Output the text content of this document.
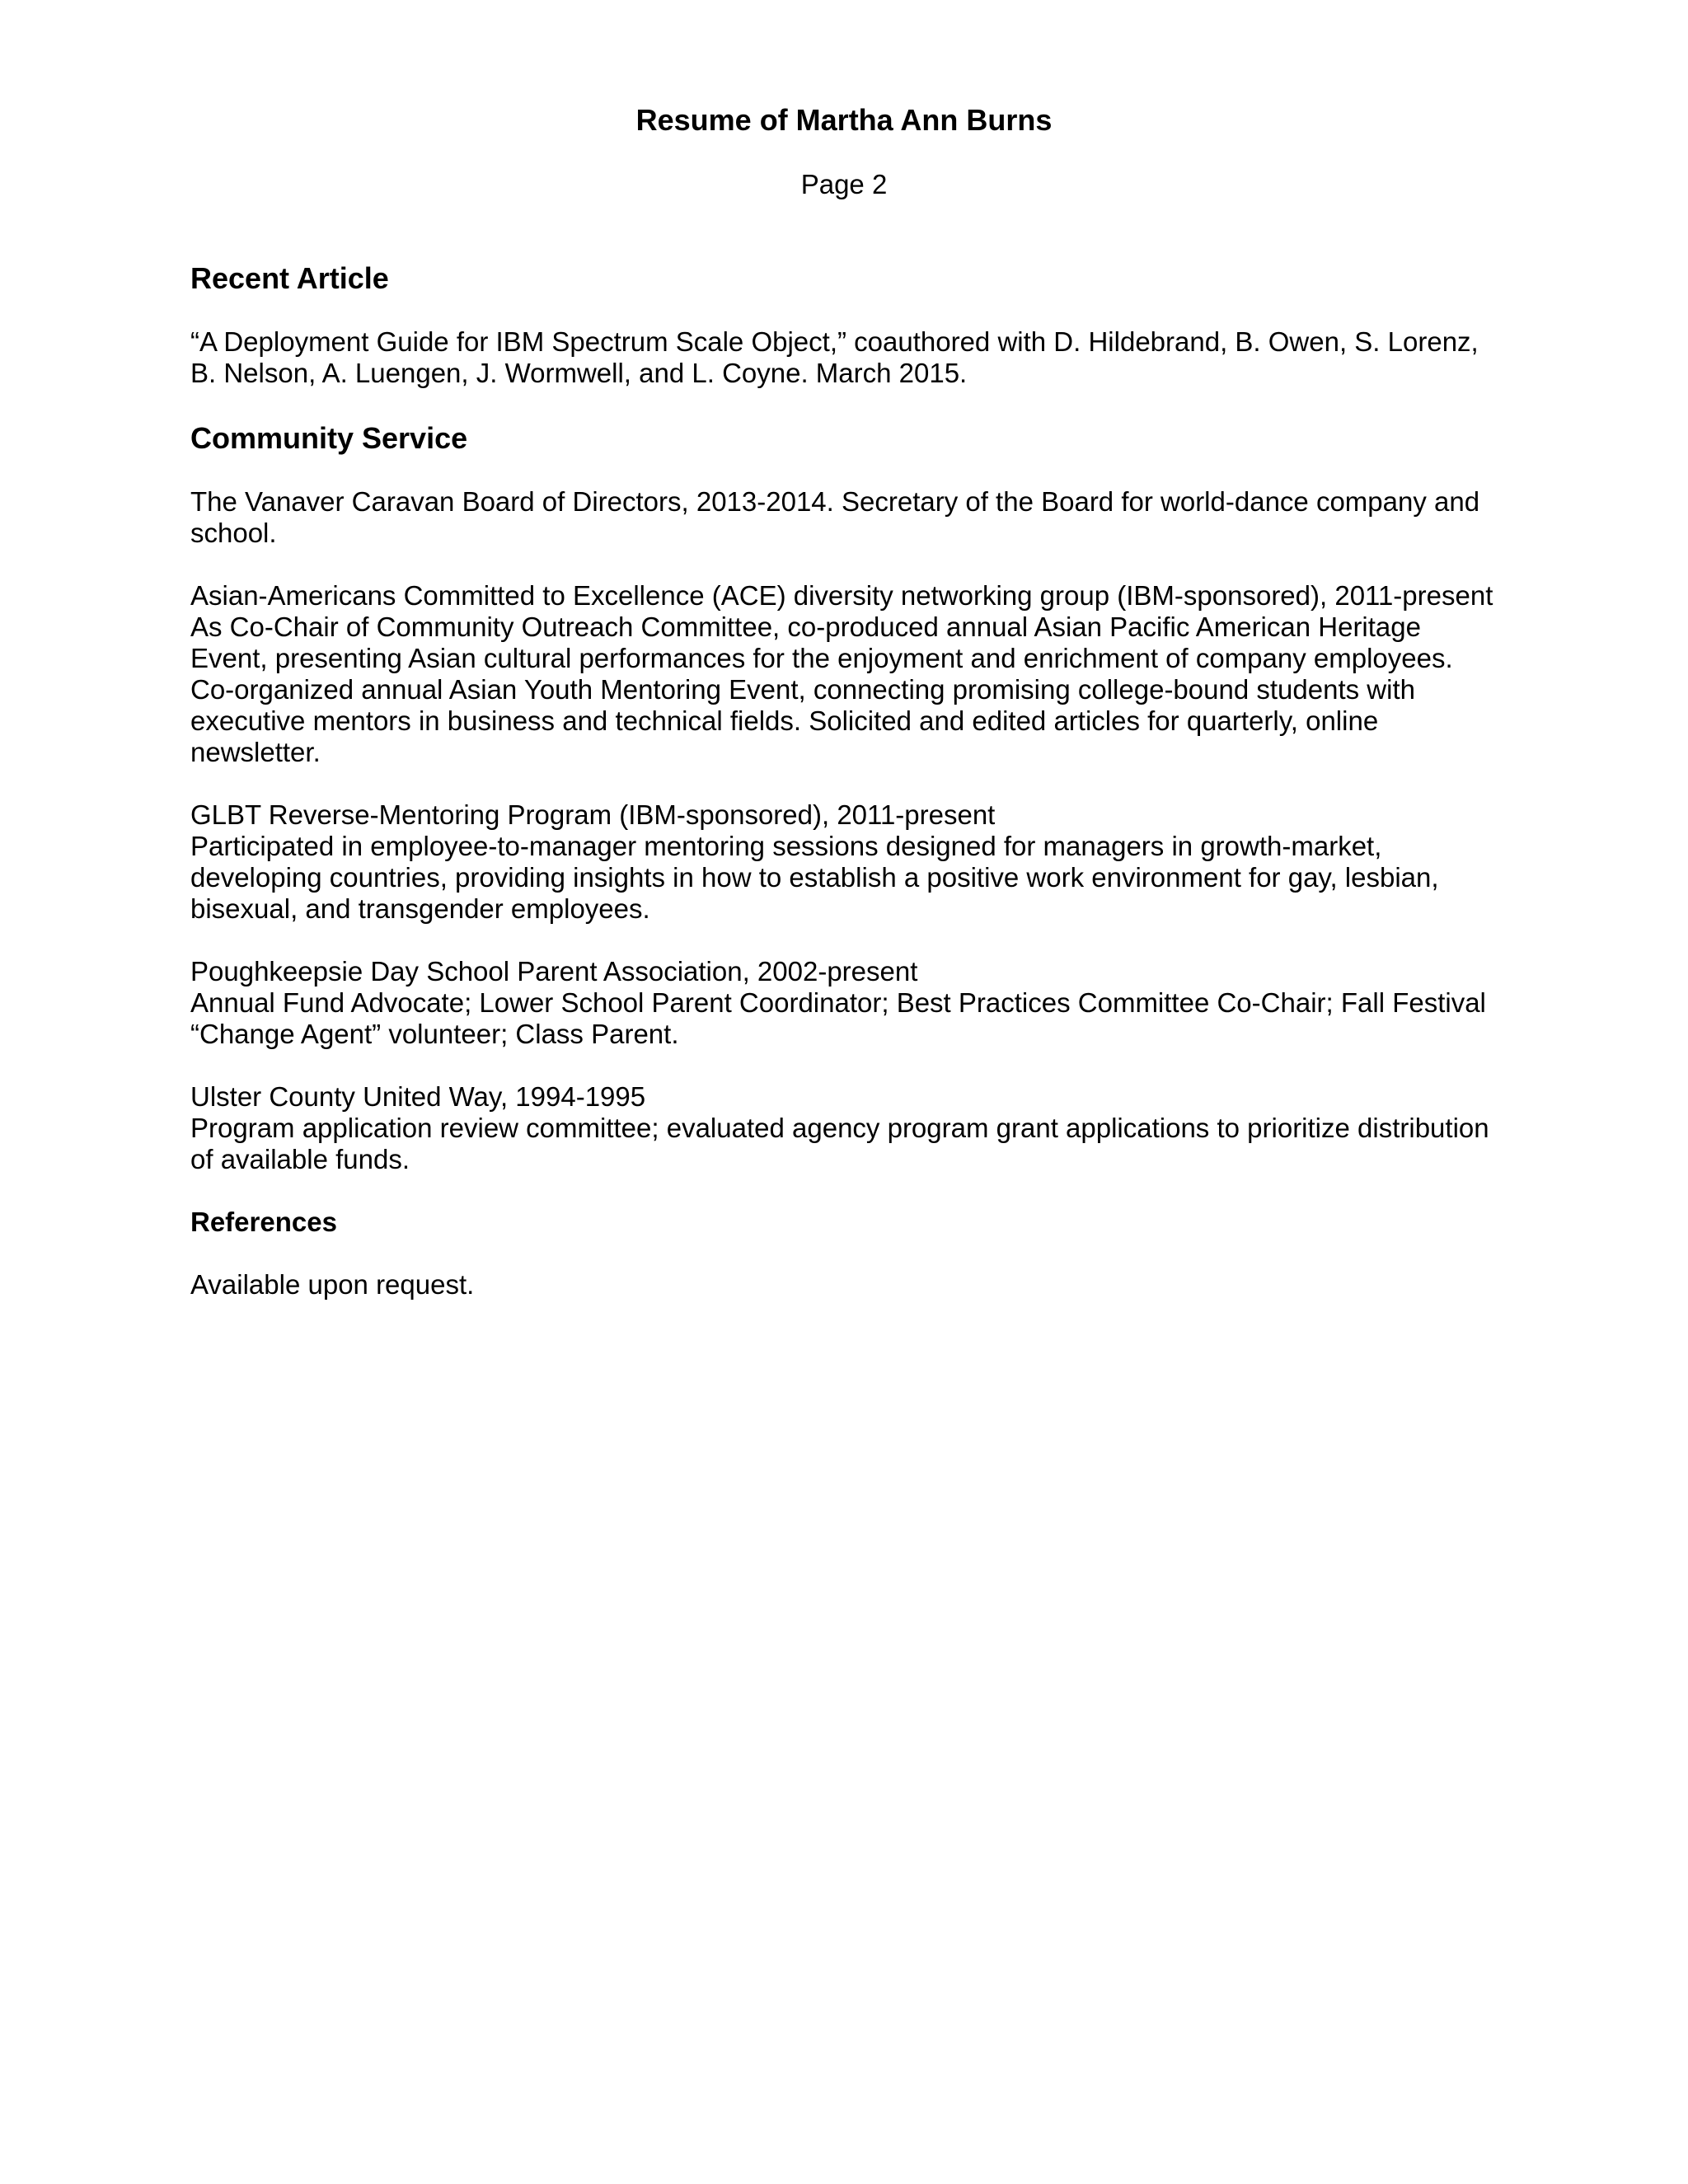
Resume of Martha Ann Burns
Page 2
Recent Article
“A Deployment Guide for IBM Spectrum Scale Object,” coauthored with D. Hildebrand, B. Owen, S. Lorenz,
B. Nelson, A. Luengen, J. Wormwell, and L. Coyne. March 2015.
Community Service
The Vanaver Caravan Board of Directors, 2013-2014. Secretary of the Board for world-dance company and
school.
Asian-Americans Committed to Excellence (ACE) diversity networking group (IBM-sponsored), 2011-present
As Co-Chair of Community Outreach Committee, co-produced annual Asian Pacific American Heritage
Event, presenting Asian cultural performances for the enjoyment and enrichment of company employees.
Co-organized annual Asian Youth Mentoring Event, connecting promising college-bound students with
executive mentors in business and technical fields. Solicited and edited articles for quarterly, online
newsletter.
GLBT Reverse-Mentoring Program (IBM-sponsored), 2011-present
Participated in employee-to-manager mentoring sessions designed for managers in growth-market,
developing countries, providing insights in how to establish a positive work environment for gay, lesbian,
bisexual, and transgender employees.
Poughkeepsie Day School Parent Association, 2002-present
Annual Fund Advocate; Lower School Parent Coordinator; Best Practices Committee Co-Chair; Fall Festival
“Change Agent” volunteer; Class Parent.
Ulster County United Way, 1994-1995
Program application review committee; evaluated agency program grant applications to prioritize distribution
of available funds.
References
Available upon request.
